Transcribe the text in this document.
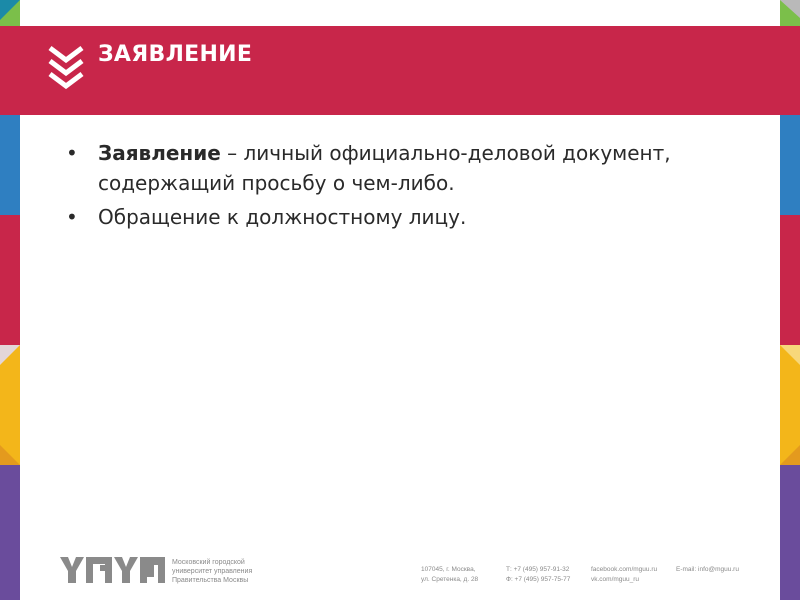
ЗАЯВЛЕНИЕ
•	Заявление – личный официально-деловой документ,
содержащий просьбу о чем-либо.
•	Обращение к должностному лицу.
Московский городской
университет управления
Правительства Москвы
107045, г. Москва,
ул. Сретенка, д. 28
Т: +7 (495) 957-91-32
Ф: +7 (495) 957-75-77
facebook.com/mguu.ru
vk.com/mguu_ru
E-mail: info@mguu.ru
